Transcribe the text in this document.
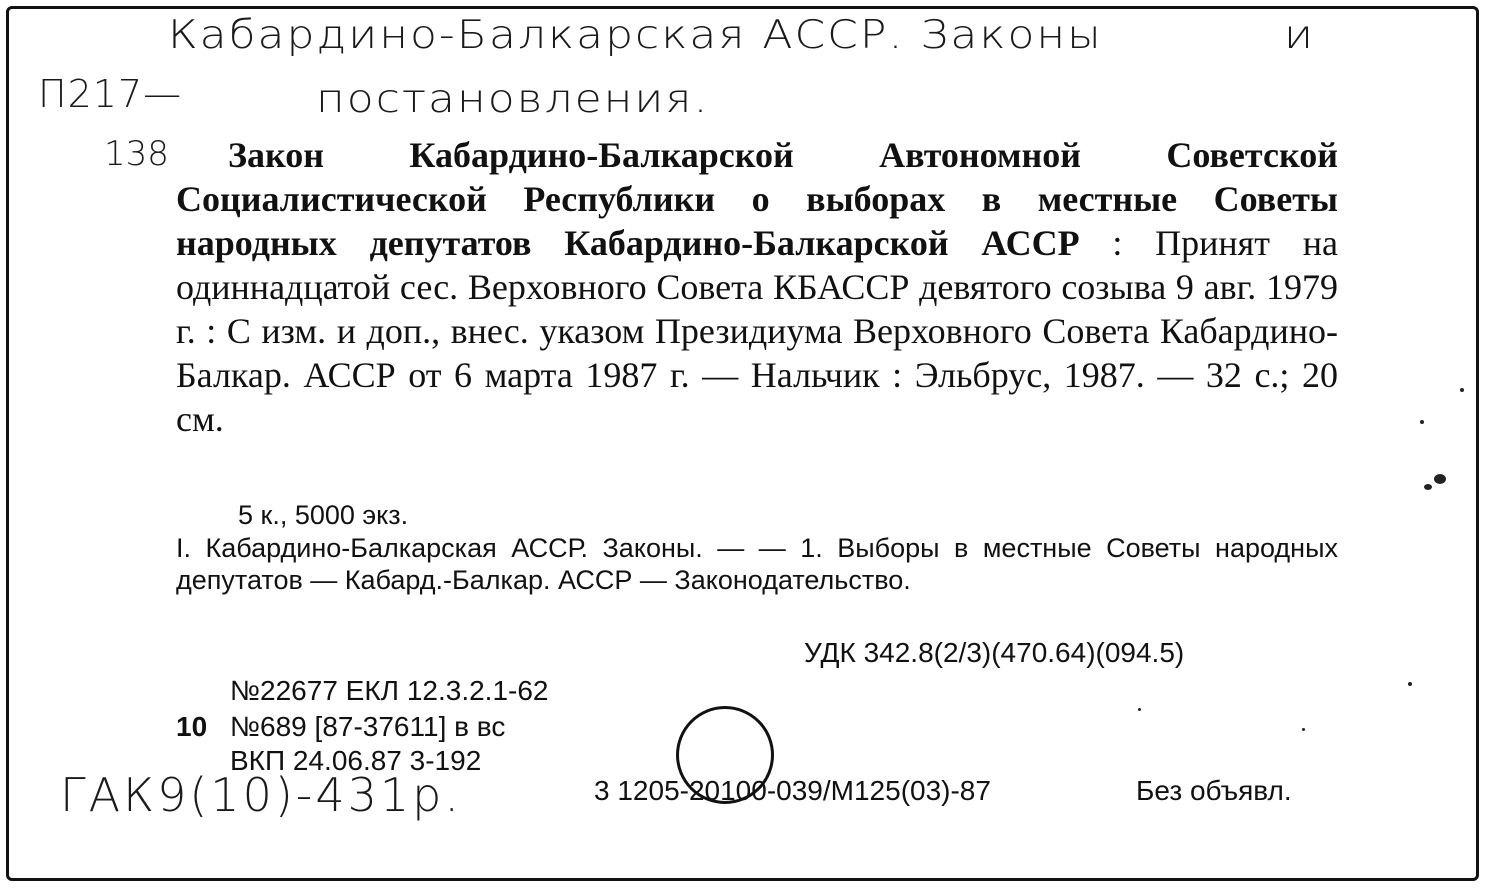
Кабардино-Балкарская АССР. Законы	и
постановления.
П217—
138	Закон Кабардино-Балкарской Автономной Советской Социалистической Республики о выборах в местные Советы народных депутатов Кабардино-Балкарской АССР : Принят на одиннадцатой сес. Верховного Совета КБАССР девятого созыва 9 авг. 1979 г. : С изм. и доп., внес. указом Президиума Верховного Совета Кабардино-Балкар. АССР от 6 марта 1987 г. — Нальчик : Эльбрус, 1987. — 32 с.; 20 см.
5 к., 5000 экз.
I. Кабардино-Балкарская АССР. Законы. — — 1. Выборы в местные Советы народных депутатов — Кабард.-Балкар. АССР — Законодательство.
УДК 342.8(2/3)(470.64)(094.5)
№22677 ЕКЛ 12.3.2.1-62
10 №689 [87-37611] в вс
ВКП 24.06.87 3-192
ГАК9(10)-431р.	3 1205-20100-039/М125(03)-87	Без объявл.
